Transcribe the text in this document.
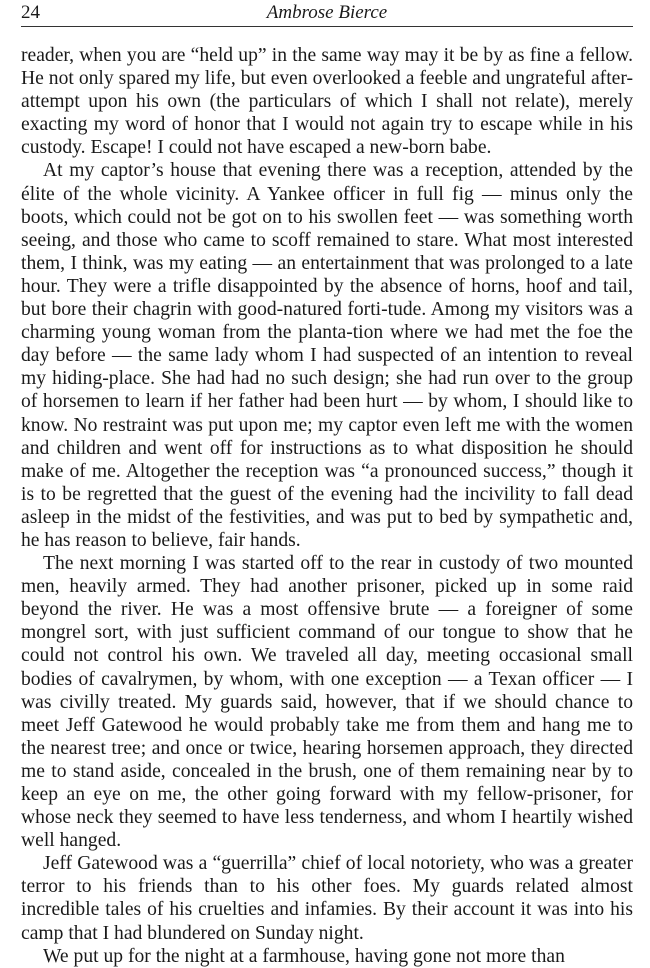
24	Ambrose Bierce

reader, when you are “held up” in the same way may it be by as fine a fellow. He not only spared my life, but even overlooked a feeble and ungrateful after-attempt upon his own (the particulars of which I shall not relate), merely exacting my word of honor that I would not again try to escape while in his custody. Escape! I could not have escaped a new-born babe.

At my captor’s house that evening there was a reception, attended by the élite of the whole vicinity. A Yankee officer in full fig — minus only the boots, which could not be got on to his swollen feet — was something worth seeing, and those who came to scoff remained to stare. What most interested them, I think, was my eating — an entertainment that was prolonged to a late hour. They were a trifle disappointed by the absence of horns, hoof and tail, but bore their chagrin with good-natured forti-tude. Among my visitors was a charming young woman from the planta-tion where we had met the foe the day before — the same lady whom I had suspected of an intention to reveal my hiding-place. She had had no such design; she had run over to the group of horsemen to learn if her father had been hurt — by whom, I should like to know. No restraint was put upon me; my captor even left me with the women and children and went off for instructions as to what disposition he should make of me. Altogether the reception was “a pronounced success,” though it is to be regretted that the guest of the evening had the incivility to fall dead asleep in the midst of the festivities, and was put to bed by sympathetic and, he has reason to believe, fair hands.

The next morning I was started off to the rear in custody of two mounted men, heavily armed. They had another prisoner, picked up in some raid beyond the river. He was a most offensive brute — a foreigner of some mongrel sort, with just sufficient command of our tongue to show that he could not control his own. We traveled all day, meeting occasional small bodies of cavalrymen, by whom, with one exception — a Texan officer — I was civilly treated. My guards said, however, that if we should chance to meet Jeff Gatewood he would probably take me from them and hang me to the nearest tree; and once or twice, hearing horsemen approach, they directed me to stand aside, concealed in the brush, one of them remaining near by to keep an eye on me, the other going forward with my fellow-prisoner, for whose neck they seemed to have less tenderness, and whom I heartily wished well hanged.

Jeff Gatewood was a “guerrilla” chief of local notoriety, who was a greater terror to his friends than to his other foes. My guards related almost incredible tales of his cruelties and infamies. By their account it was into his camp that I had blundered on Sunday night.

We put up for the night at a farmhouse, having gone not more than
